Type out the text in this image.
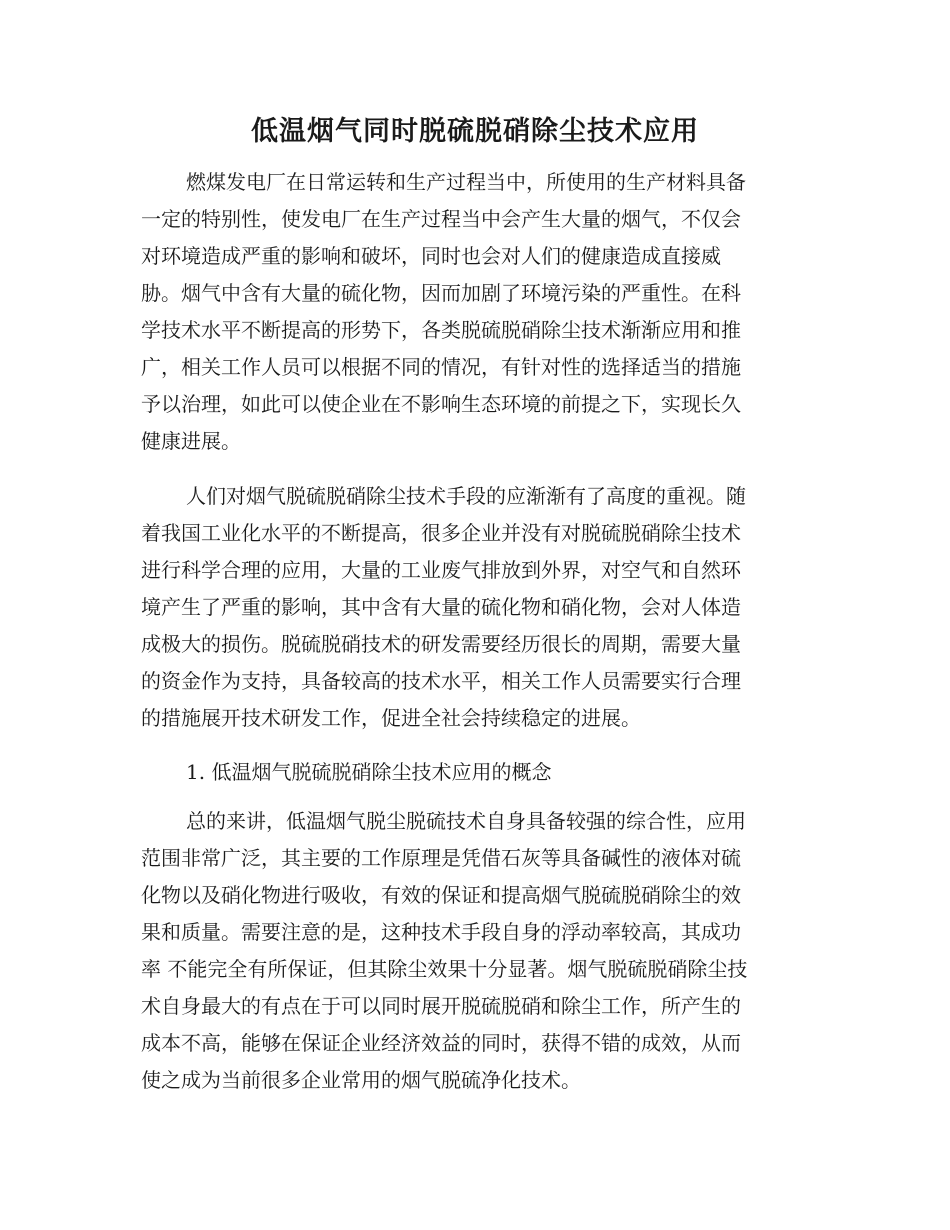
低温烟气同时脱硫脱硝除尘技术应用
燃煤发电厂在日常运转和生产过程当中，所使用的生产材料具备
一定的特别性，使发电厂在生产过程当中会产生大量的烟气，不仅会
对环境造成严重的影响和破坏，同时也会对人们的健康造成直接威
胁。烟气中含有大量的硫化物，因而加剧了环境污染的严重性。在科
学技术水平不断提高的形势下，各类脱硫脱硝除尘技术渐渐应用和推
广，相关工作人员可以根据不同的情况，有针对性的选择适当的措施
予以治理，如此可以使企业在不影响生态环境的前提之下，实现长久
健康进展。
人们对烟气脱硫脱硝除尘技术手段的应渐渐有了高度的重视。随
着我国工业化水平的不断提高，很多企业并没有对脱硫脱硝除尘技术
进行科学合理的应用，大量的工业废气排放到外界，对空气和自然环
境产生了严重的影响，其中含有大量的硫化物和硝化物，会对人体造
成极大的损伤。脱硫脱硝技术的研发需要经历很长的周期，需要大量
的资金作为支持，具备较高的技术水平，相关工作人员需要实行合理
的措施展开技术研发工作，促进全社会持续稳定的进展。
1. 低温烟气脱硫脱硝除尘技术应用的概念
总的来讲，低温烟气脱尘脱硫技术自身具备较强的综合性，应用
范围非常广泛，其主要的工作原理是凭借石灰等具备碱性的液体对硫
化物以及硝化物进行吸收，有效的保证和提高烟气脱硫脱硝除尘的效
果和质量。需要注意的是，这种技术手段自身的浮动率较高，其成功
率 不能完全有所保证，但其除尘效果十分显著。烟气脱硫脱硝除尘技
术自身最大的有点在于可以同时展开脱硫脱硝和除尘工作，所产生的
成本不高，能够在保证企业经济效益的同时，获得不错的成效，从而
使之成为当前很多企业常用的烟气脱硫净化技术。
